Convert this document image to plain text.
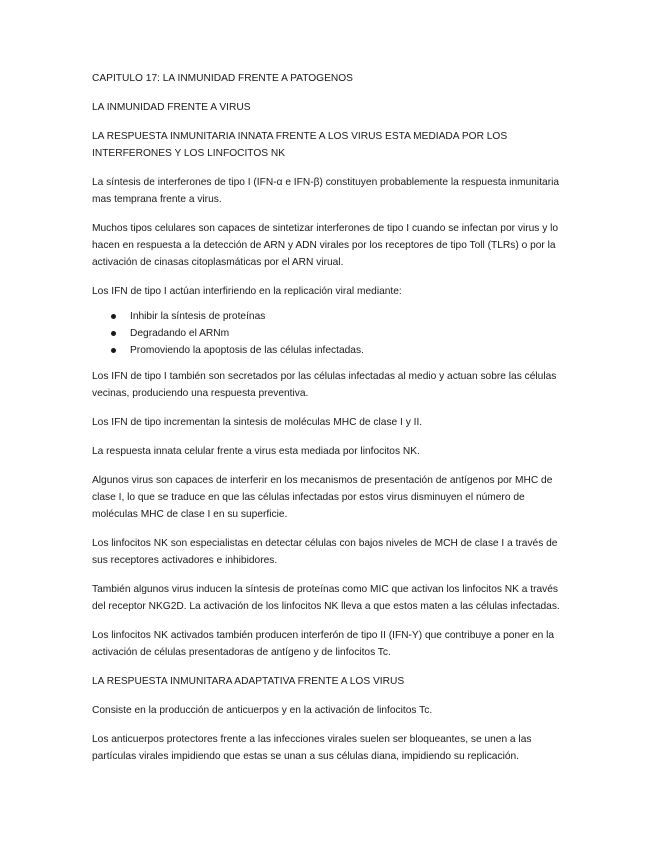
CAPITULO 17: LA INMUNIDAD FRENTE A PATOGENOS

LA INMUNIDAD FRENTE A VIRUS

LA RESPUESTA INMUNITARIA INNATA FRENTE A LOS VIRUS ESTA MEDIADA POR LOS INTERFERONES Y LOS LINFOCITOS NK

La síntesis de interferones de tipo I (IFN-α e IFN-β) constituyen probablemente la respuesta inmunitaria mas temprana frente a virus.

Muchos tipos celulares son capaces de sintetizar interferones de tipo I cuando se infectan por virus y lo hacen en respuesta a la detección de ARN y ADN virales por los receptores de tipo Toll (TLRs) o por la activación de cinasas citoplasmáticas por el ARN virual.

Los IFN de tipo I actúan interfiriendo en la replicación viral mediante:

Inhibir la síntesis de proteínas
Degradando el ARNm
Promoviendo la apoptosis de las células infectadas.

Los IFN de tipo I también son secretados por las células infectadas al medio y actuan sobre las células vecinas, produciendo una respuesta preventiva.

Los IFN de tipo incrementan la sintesis de moléculas MHC de clase I y II.

La respuesta innata celular frente a virus esta mediada por linfocitos NK.

Algunos virus son capaces de interferir en los mecanismos de presentación de antígenos por MHC de clase I, lo que se traduce en que las células infectadas por estos virus disminuyen el número de moléculas MHC de clase I en su superficie.

Los linfocitos NK son especialistas en detectar células con bajos niveles de MCH de clase I a través de sus receptores activadores e inhibidores.

También algunos virus inducen la síntesis de proteínas como MIC que activan los linfocitos NK a través del receptor NKG2D. La activación de los linfocitos NK lleva a que estos maten a las células infectadas.

Los linfocitos NK activados también producen interferón de tipo II (IFN-Y) que contribuye a poner en la activación de células presentadoras de antígeno y de linfocitos Tc.

LA RESPUESTA INMUNITARA ADAPTATIVA FRENTE A LOS VIRUS

Consiste en la producción de anticuerpos y en la activación de linfocitos Tc.

Los anticuerpos protectores frente a las infecciones virales suelen ser bloqueantes, se unen a las partículas virales impidiendo que estas se unan a sus células diana, impidiendo su replicación.
